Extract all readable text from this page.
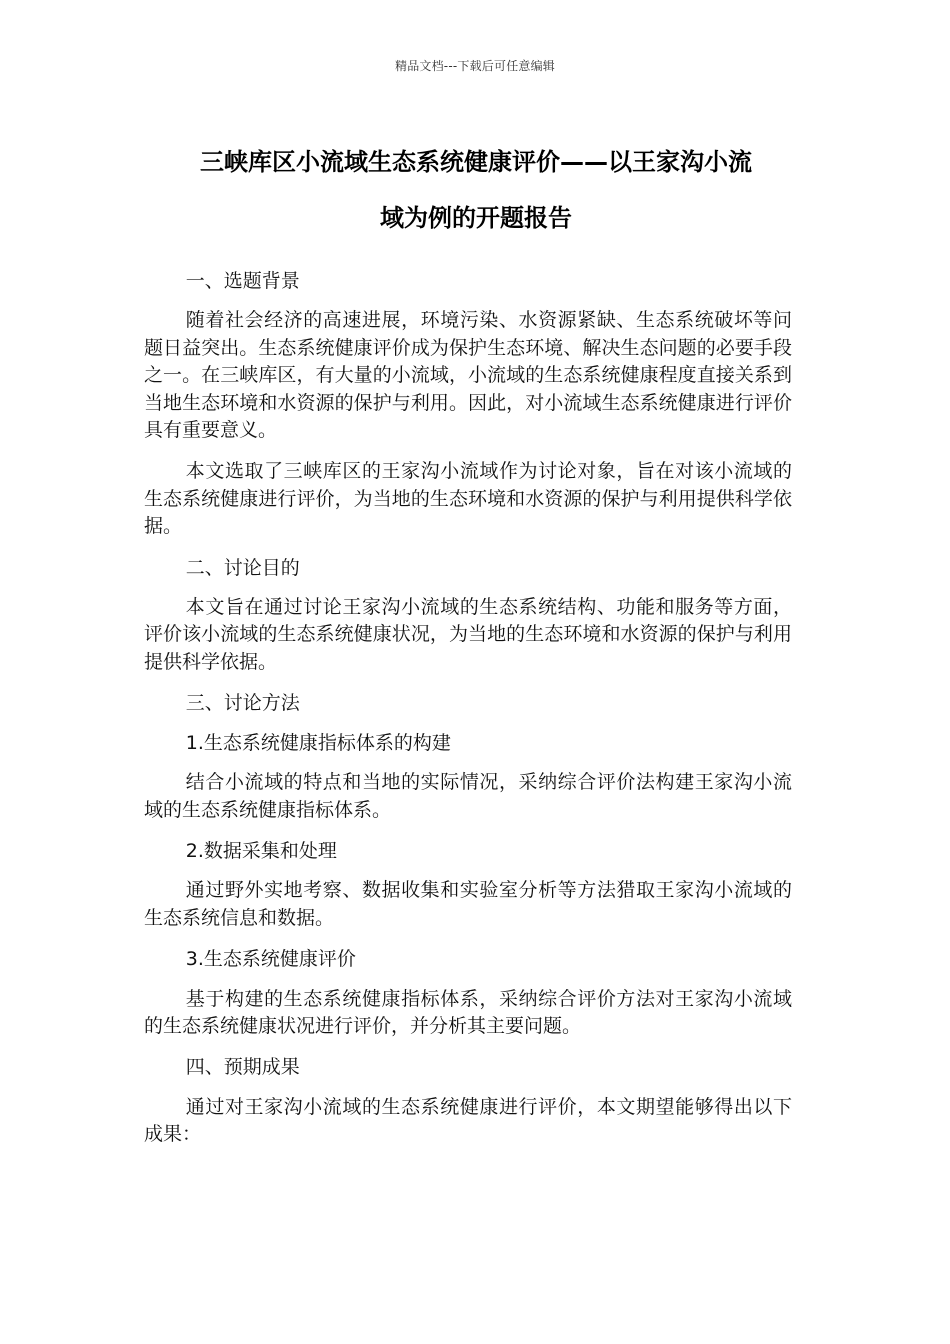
精品文档---下载后可任意编辑
三峡库区小流域生态系统健康评价——以王家沟小流
域为例的开题报告

一、选题背景

随着社会经济的高速进展，环境污染、水资源紧缺、生态系统破坏等问题日益突出。生态系统健康评价成为保护生态环境、解决生态问题的必要手段之一。在三峡库区，有大量的小流域，小流域的生态系统健康程度直接关系到当地生态环境和水资源的保护与利用。因此，对小流域生态系统健康进行评价具有重要意义。

本文选取了三峡库区的王家沟小流域作为讨论对象，旨在对该小流域的生态系统健康进行评价，为当地的生态环境和水资源的保护与利用提供科学依据。

二、讨论目的

本文旨在通过讨论王家沟小流域的生态系统结构、功能和服务等方面，评价该小流域的生态系统健康状况，为当地的生态环境和水资源的保护与利用提供科学依据。

三、讨论方法

1.生态系统健康指标体系的构建

结合小流域的特点和当地的实际情况，采纳综合评价法构建王家沟小流域的生态系统健康指标体系。

2.数据采集和处理

通过野外实地考察、数据收集和实验室分析等方法猎取王家沟小流域的生态系统信息和数据。

3.生态系统健康评价

基于构建的生态系统健康指标体系，采纳综合评价方法对王家沟小流域的生态系统健康状况进行评价，并分析其主要问题。

四、预期成果

通过对王家沟小流域的生态系统健康进行评价，本文期望能够得出以下成果：
